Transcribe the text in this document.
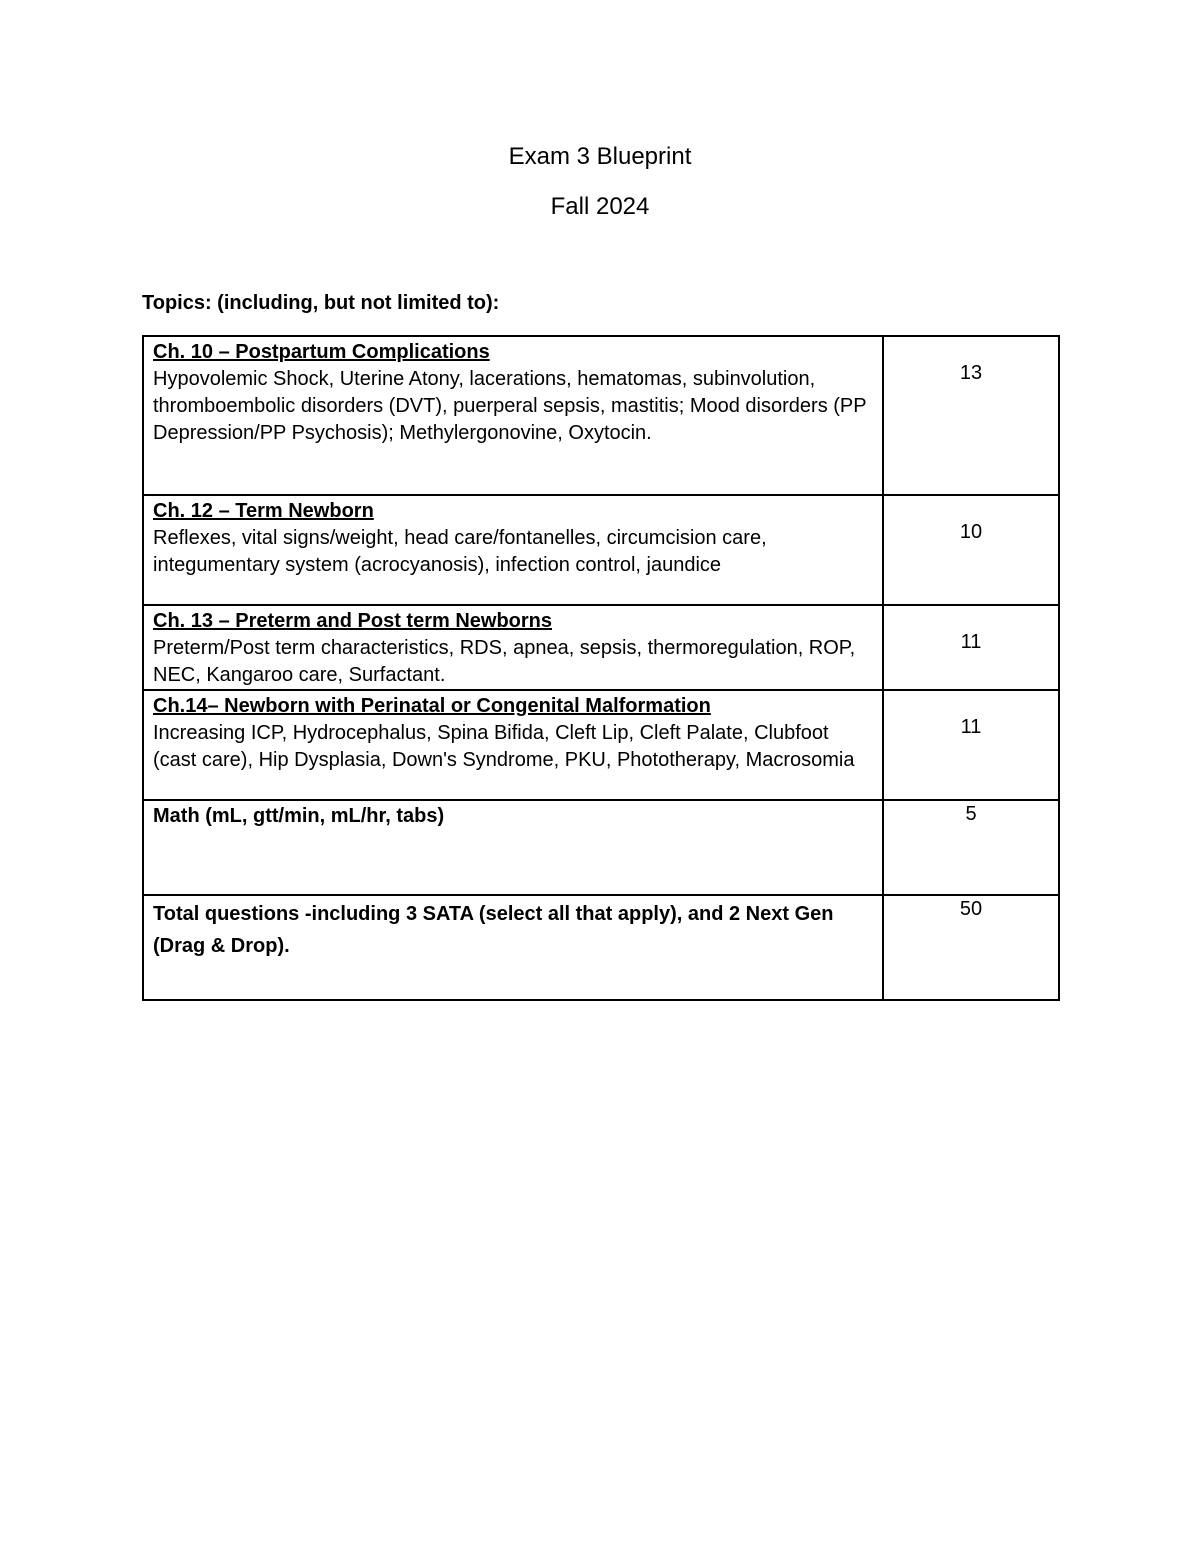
Exam 3 Blueprint
Fall 2024
Topics: (including, but not limited to):
Ch. 10 – Postpartum Complications
Hypovolemic Shock, Uterine Atony, lacerations, hematomas, subinvolution, thromboembolic disorders (DVT), puerperal sepsis, mastitis; Mood disorders (PP Depression/PP Psychosis); Methylergonovine, Oxytocin.	13

Ch. 12 – Term Newborn
Reflexes, vital signs/weight, head care/fontanelles, circumcision care, integumentary system (acrocyanosis), infection control, jaundice	10

Ch. 13 – Preterm and Post term Newborns
Preterm/Post term characteristics, RDS, apnea, sepsis, thermoregulation, ROP, NEC, Kangaroo care, Surfactant.	11

Ch.14– Newborn with Perinatal or Congenital Malformation
Increasing ICP, Hydrocephalus, Spina Bifida, Cleft Lip, Cleft Palate, Clubfoot (cast care), Hip Dysplasia, Down's Syndrome, PKU, Phototherapy, Macrosomia	11

Math (mL, gtt/min, mL/hr, tabs)	5

Total questions -including 3 SATA (select all that apply), and 2 Next Gen (Drag & Drop).	50
